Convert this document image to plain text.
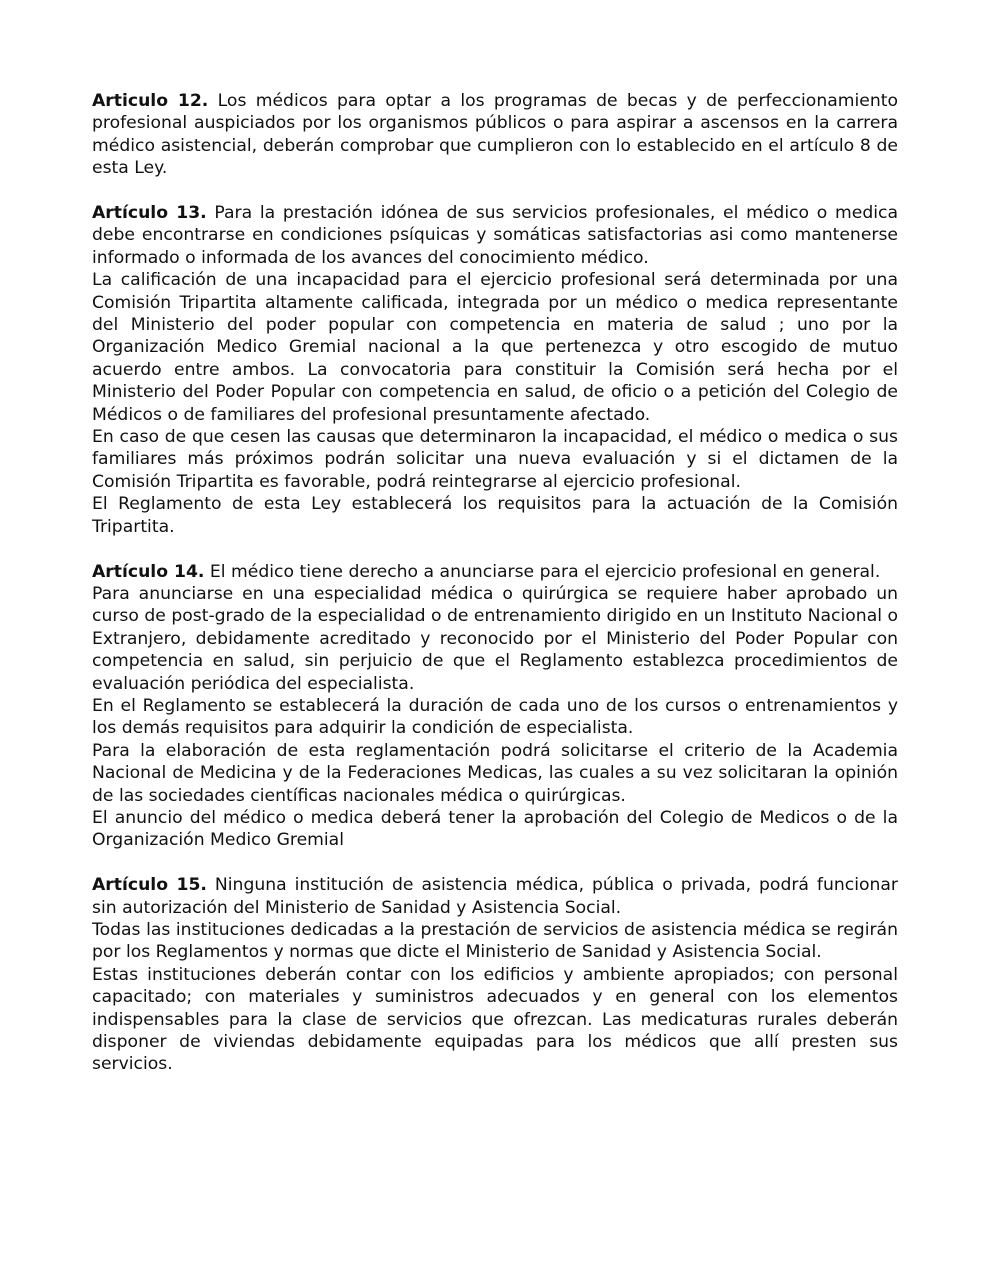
Articulo 12. Los médicos para optar a los programas de becas y de perfeccionamiento profesional auspiciados por los organismos públicos o para aspirar a ascensos en la carrera médico asistencial, deberán comprobar que cumplieron con lo establecido en el artículo 8 de esta Ley.

Artículo 13. Para la prestación idónea de sus servicios profesionales, el médico o medica debe encontrarse en condiciones psíquicas y somáticas satisfactorias asi como mantenerse informado o informada de los avances del conocimiento médico.

La calificación de una incapacidad para el ejercicio profesional será determinada por una Comisión Tripartita altamente calificada, integrada por un médico o medica representante del Ministerio del poder popular con competencia en materia de salud ; uno por la Organización Medico Gremial nacional a la que pertenezca y otro escogido de mutuo acuerdo entre ambos. La convocatoria para constituir la Comisión será hecha por el Ministerio del Poder Popular con competencia en salud, de oficio o a petición del Colegio de Médicos o de familiares del profesional presuntamente afectado.

En caso de que cesen las causas que determinaron la incapacidad, el médico o medica o sus familiares más próximos podrán solicitar una nueva evaluación y si el dictamen de la Comisión Tripartita es favorable, podrá reintegrarse al ejercicio profesional.

El Reglamento de esta Ley establecerá los requisitos para la actuación de la Comisión Tripartita.

Artículo 14. El médico tiene derecho a anunciarse para el ejercicio profesional en general.

Para anunciarse en una especialidad médica o quirúrgica se requiere haber aprobado un curso de post-grado de la especialidad o de entrenamiento dirigido en un Instituto Nacional o Extranjero, debidamente acreditado y reconocido por el Ministerio del Poder Popular con competencia en salud, sin perjuicio de que el Reglamento establezca procedimientos de evaluación periódica del especialista.

En el Reglamento se establecerá la duración de cada uno de los cursos o entrenamientos y los demás requisitos para adquirir la condición de especialista.

Para la elaboración de esta reglamentación podrá solicitarse el criterio de la Academia Nacional de Medicina y de la Federaciones Medicas, las cuales a su vez solicitaran la opinión de las sociedades científicas nacionales médica o quirúrgicas.

El anuncio del médico o medica deberá tener la aprobación del Colegio de Medicos o de la Organización Medico Gremial

Artículo 15. Ninguna institución de asistencia médica, pública o privada, podrá funcionar sin autorización del Ministerio de Sanidad y Asistencia Social.

Todas las instituciones dedicadas a la prestación de servicios de asistencia médica se regirán por los Reglamentos y normas que dicte el Ministerio de Sanidad y Asistencia Social.

Estas instituciones deberán contar con los edificios y ambiente apropiados; con personal capacitado; con materiales y suministros adecuados y en general con los elementos indispensables para la clase de servicios que ofrezcan. Las medicaturas rurales deberán disponer de viviendas debidamente equipadas para los médicos que allí presten sus servicios.
